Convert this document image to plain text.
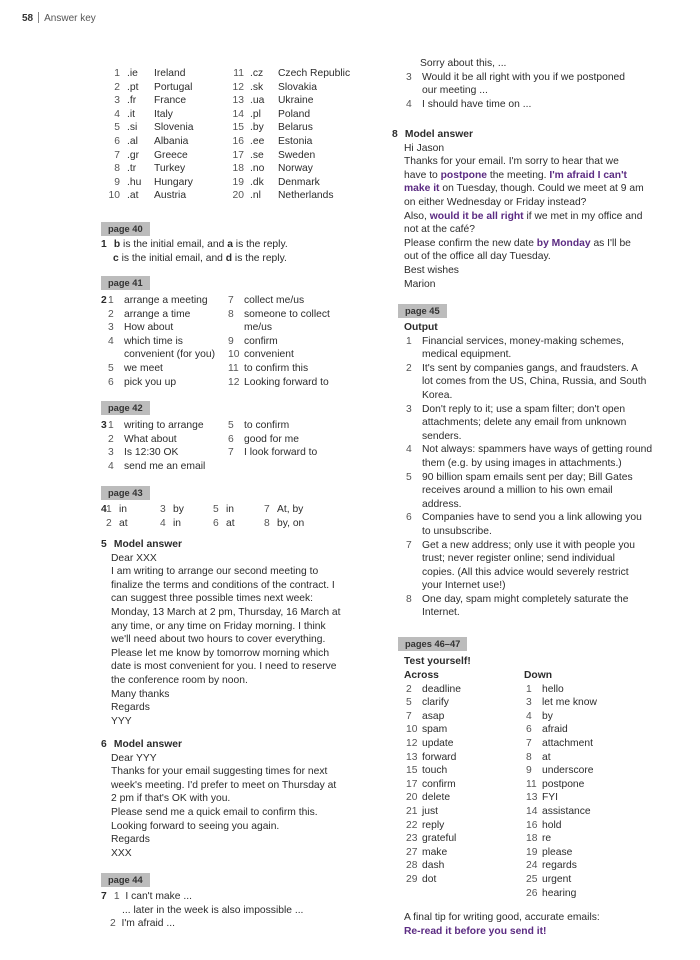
58 Answer key
1 .ie Ireland
2 .pt Portugal
3 .fr France
4 .it Italy
5 .si Slovenia
6 .al Albania
7 .gr Greece
8 .tr Turkey
9 .hu Hungary
10 .at Austria
11 .cz Czech Republic
12 .sk Slovakia
13 .ua Ukraine
14 .pl Poland
15 .by Belarus
16 .ee Estonia
17 .se Sweden
18 .no Norway
19 .dk Denmark
20 .nl Netherlands
page 40
1 b is the initial email, and a is the reply.
c is the initial email, and d is the reply.
page 41
2 1 arrange a meeting
2 arrange a time
3 How about
4 which time is
convenient (for you)
5 we meet
6 pick you up
7 collect me/us
8 someone to collect
me/us
9 confirm
10 convenient
11 to confirm this
12 Looking forward to
page 42
3 1 writing to arrange
2 What about
3 Is 12:30 OK
4 send me an email
5 to confirm
6 good for me
7 I look forward to
page 43
4 1 in	3 by	5 in	7 At, by
2 at	4 in	6 at	8 by, on
5 Model answer
Dear XXX
I am writing to arrange our second meeting to
finalize the terms and conditions of the contract. I
can suggest three possible times next week:
Monday, 13 March at 2 pm, Thursday, 16 March at
any time, or any time on Friday morning. I think
we'll need about two hours to cover everything.
Please let me know by tomorrow morning which
date is most convenient for you. I need to reserve
the conference room by noon.
Many thanks
Regards
YYY
6 Model answer
Dear YYY
Thanks for your email suggesting times for next
week's meeting. I'd prefer to meet on Thursday at
2 pm if that's OK with you.
Please send me a quick email to confirm this.
Looking forward to seeing you again.
Regards
XXX
page 44
7 1 I can't make ...
... later in the week is also impossible ...
2 I'm afraid ...
Sorry about this, ...
3 Would it be all right with you if we postponed
our meeting ...
4 I should have time on ...
8 Model answer
Hi Jason
Thanks for your email. I'm sorry to hear that we
have to postpone the meeting. I'm afraid I can't
make it on Tuesday, though. Could we meet at 9 am
on either Wednesday or Friday instead?
Also, would it be all right if we met in my office and
not at the café?
Please confirm the new date by Monday as I'll be
out of the office all day Tuesday.
Best wishes
Marion
page 45
Output
1 Financial services, money-making schemes,
medical equipment.
2 It's sent by companies gangs, and fraudsters. A
lot comes from the US, China, Russia, and South
Korea.
3 Don't reply to it; use a spam filter; don't open
attachments; delete any email from unknown
senders.
4 Not always: spammers have ways of getting round
them (e.g. by using images in attachments.)
5 90 billion spam emails sent per day; Bill Gates
receives around a million to his own email
address.
6 Companies have to send you a link allowing you
to unsubscribe.
7 Get a new address; only use it with people you
trust; never register online; send individual
copies. (All this advice would severely restrict
your Internet use!)
8 One day, spam might completely saturate the
Internet.
pages 46–47
Test yourself!
Across
2 deadline
5 clarify
7 asap
10 spam
12 update
13 forward
15 touch
17 confirm
20 delete
21 just
22 reply
23 grateful
27 make
28 dash
29 dot
Down
1 hello
3 let me know
4 by
6 afraid
7 attachment
8 at
9 underscore
11 postpone
13 FYI
14 assistance
16 hold
18 re
19 please
24 regards
25 urgent
26 hearing
A final tip for writing good, accurate emails:
Re-read it before you send it!
